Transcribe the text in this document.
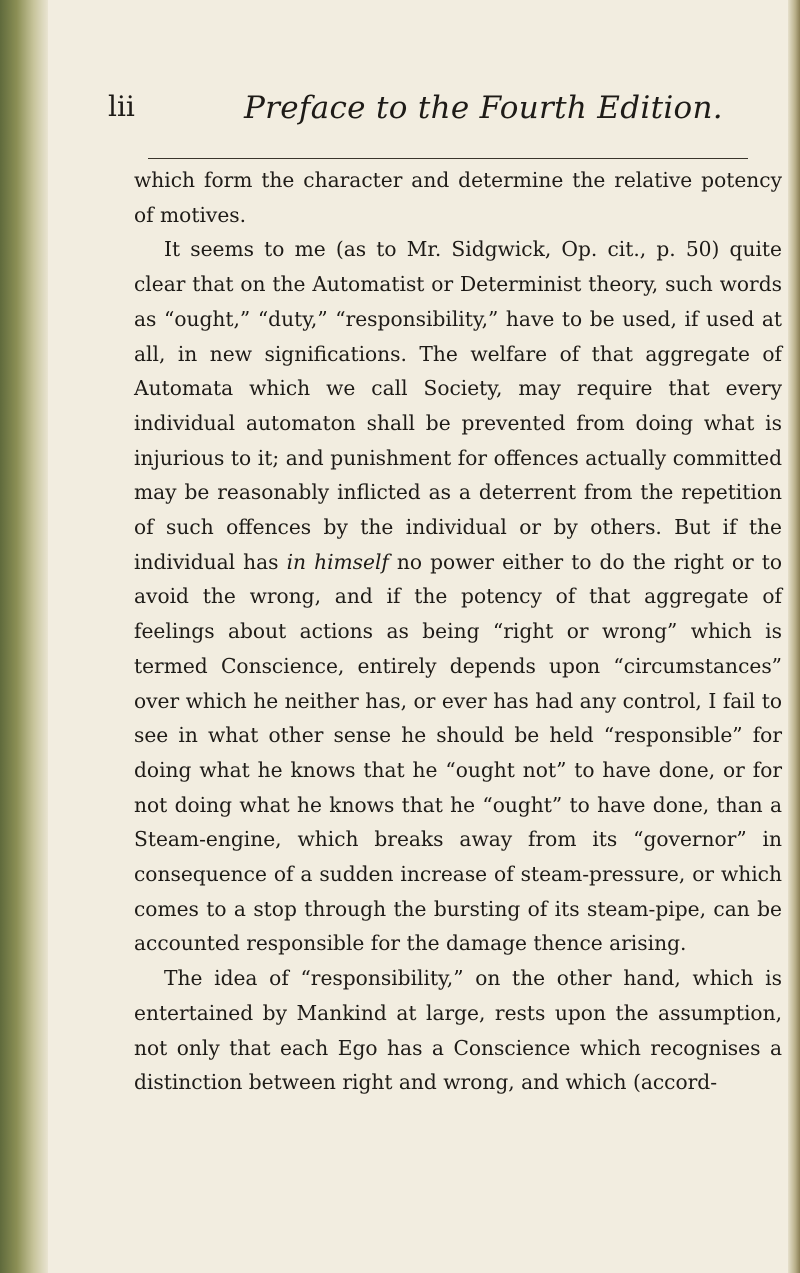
lii	Preface to the Fourth Edition.

which form the character and determine the relative potency of motives.

It seems to me (as to Mr. Sidgwick, Op. cit., p. 50) quite clear that on the Automatist or Determinist theory, such words as “ought,” “duty,” “responsibility,” have to be used, if used at all, in new significations. The welfare of that aggregate of Automata which we call Society, may require that every individual automaton shall be prevented from doing what is injurious to it; and punishment for offences actually committed may be reasonably inflicted as a deterrent from the repetition of such offences by the individual or by others. But if the individual has in himself no power either to do the right or to avoid the wrong, and if the potency of that aggregate of feelings about actions as being “right or wrong” which is termed Conscience, entirely depends upon “circumstances” over which he neither has, or ever has had any control, I fail to see in what other sense he should be held “responsible” for doing what he knows that he “ought not” to have done, or for not doing what he knows that he “ought” to have done, than a Steam-engine, which breaks away from its “governor” in consequence of a sudden increase of steam-pressure, or which comes to a stop through the bursting of its steam-pipe, can be accounted responsible for the damage thence arising.

The idea of “responsibility,” on the other hand, which is entertained by Mankind at large, rests upon the assumption, not only that each Ego has a Conscience which recognises a distinction between right and wrong, and which (accord-
